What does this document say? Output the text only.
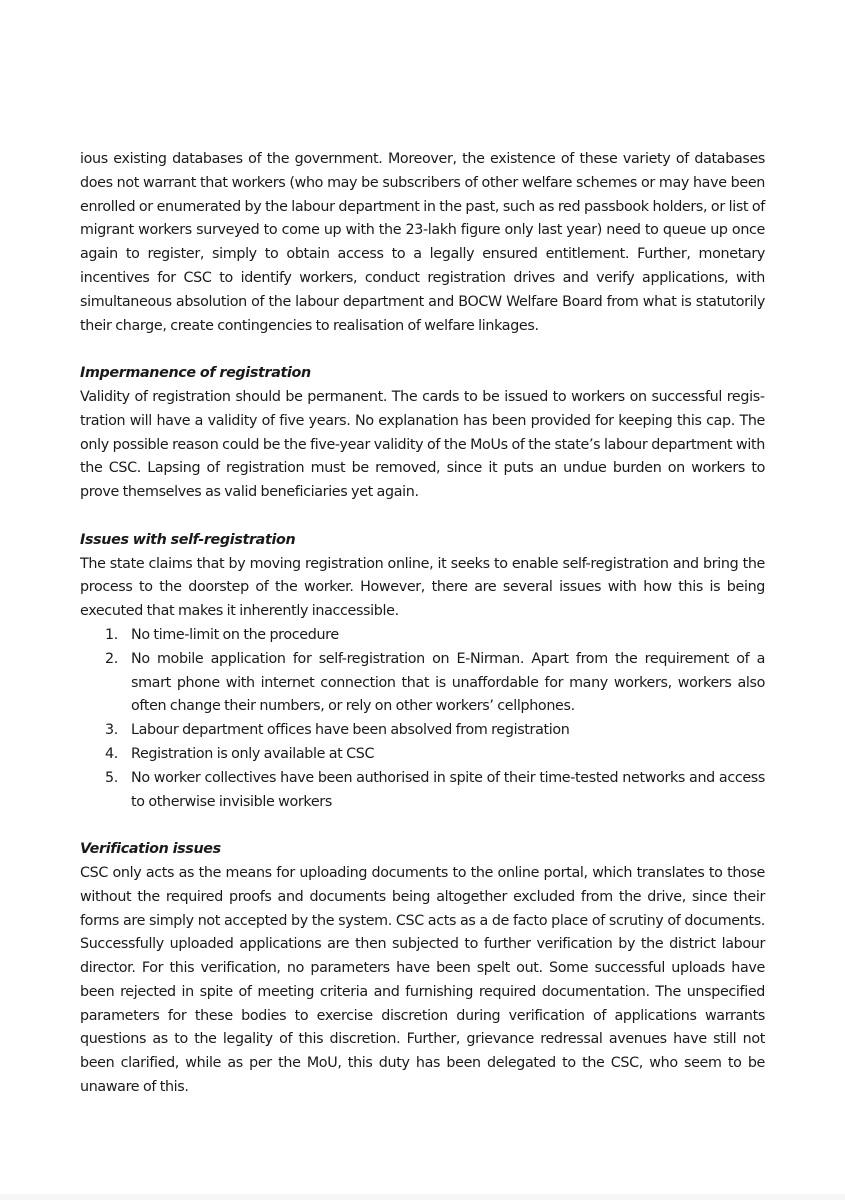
ious existing databases of the government. Moreover, the existence of these variety of databases does not warrant that workers (who may be subscribers of other welfare schemes or may have been enrolled or enumerated by the labour department in the past, such as red passbook holders, or list of migrant workers surveyed to come up with the 23-lakh figure only last year) need to queue up once again to register, simply to obtain access to a legally ensured entitlement. Further, monetary incentives for CSC to identify workers, conduct registration drives and verify applications, with simultaneous absolution of the labour department and BOCW Welfare Board from what is statutorily their charge, create contingencies to realisation of welfare linkages.

Impermanence of registration

Validity of registration should be permanent. The cards to be issued to workers on successful registration will have a validity of five years. No explanation has been provided for keeping this cap. The only possible reason could be the five-year validity of the MoUs of the state’s labour department with the CSC. Lapsing of registration must be removed, since it puts an undue burden on workers to prove themselves as valid beneficiaries yet again.

Issues with self-registration

The state claims that by moving registration online, it seeks to enable self-registration and bring the process to the doorstep of the worker. However, there are several issues with how this is being executed that makes it inherently inaccessible.

1. No time-limit on the procedure
2. No mobile application for self-registration on E-Nirman. Apart from the requirement of a smart phone with internet connection that is unaffordable for many workers, workers also often change their numbers, or rely on other workers’ cellphones.
3. Labour department offices have been absolved from registration
4. Registration is only available at CSC
5. No worker collectives have been authorised in spite of their time-tested networks and access to otherwise invisible workers
Verification issues

CSC only acts as the means for uploading documents to the online portal, which translates to those without the required proofs and documents being altogether excluded from the drive, since their forms are simply not accepted by the system. CSC acts as a de facto place of scrutiny of documents. Successfully uploaded applications are then subjected to further verification by the district labour director. For this verification, no parameters have been spelt out. Some successful uploads have been rejected in spite of meeting criteria and furnishing required documentation. The unspecified parameters for these bodies to exercise discretion during verification of applications warrants questions as to the legality of this discretion. Further, grievance redressal avenues have still not been clarified, while as per the MoU, this duty has been delegated to the CSC, who seem to be unaware of this.
